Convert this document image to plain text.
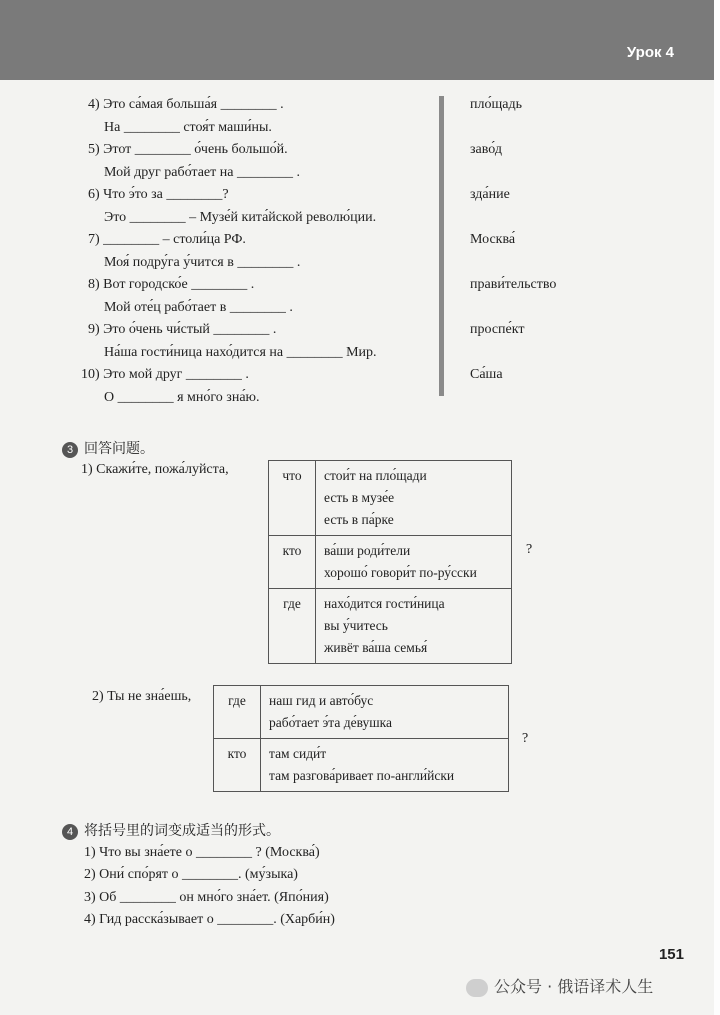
Урок 4
4) Это са́мая больша́я ________ .
На ________ стоя́т маши́ны.
5) Этот ________ о́чень большо́й.
Мой друг рабо́тает на ________ .
6) Что э́то за ________?
Это ________ – Музе́й кита́йской револю́ции.
7) ________ – столи́ца РФ.
Моя́ подру́га у́чится в ________ .
8) Вот городско́е ________ .
Мой оте́ц рабо́тает в ________ .
9) Это о́чень чи́стый ________ .
На́ша гости́ница нахо́дится на ________ Мир.
10) Это мой друг ________ .
О ________ я мно́го зна́ю.
пло́щадь
заво́д
зда́ние
Москва́
прави́тельство
проспе́кт
Са́ша
3 回答问题。
1) Скажи́те, пожа́луйста,	что	стои́т на пло́щади
есть в музе́е
есть в па́рке

кто	ва́ши роди́тели
хорошо́ говори́т по-ру́сски

где	нахо́дится гости́ница
вы у́читесь
живёт ва́ша семья́
?
2) Ты не зна́ешь,	где	наш гид и авто́бус
рабо́тает э́та де́вушка

кто	там сиди́т
там разгова́ривает по-англи́йски
?
4 将括号里的词变成适当的形式。
1) Что вы зна́ете о ________ ? (Москва́)
2) Они́ спо́рят о ________. (му́зыка)
3) Об ________ он мно́го зна́ет. (Япо́ния)
4) Гид расска́зывает о ________. (Харби́н)
151
公众号 · 俄语译术人生
